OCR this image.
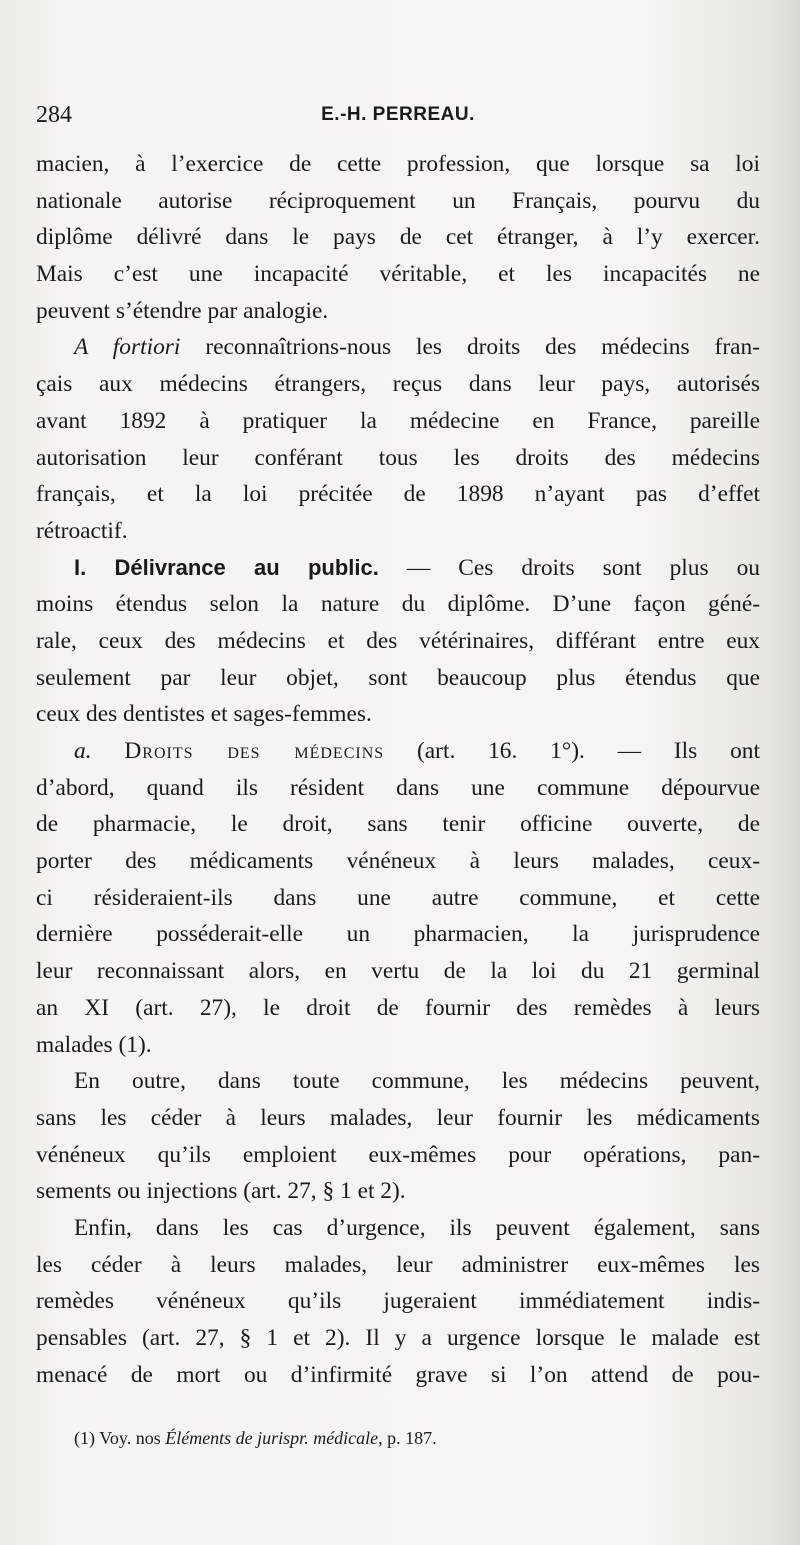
284	E.-H. PERREAU.
macien, à l’exercice de cette profession, que lorsque sa loi
nationale autorise réciproquement un Français, pourvu du
diplôme délivré dans le pays de cet étranger, à l’y exercer.
Mais c’est une incapacité véritable, et les incapacités ne
peuvent s’étendre par analogie.
A fortiori reconnaîtrions-nous les droits des médecins fran-
çais aux médecins étrangers, reçus dans leur pays, autorisés
avant 1892 à pratiquer la médecine en France, pareille
autorisation leur conférant tous les droits des médecins
français, et la loi précitée de 1898 n’ayant pas d’effet
rétroactif.
I. Délivrance au public. — Ces droits sont plus ou
moins étendus selon la nature du diplôme. D’une façon géné-
rale, ceux des médecins et des vétérinaires, différant entre eux
seulement par leur objet, sont beaucoup plus étendus que
ceux des dentistes et sages-femmes.
a. Droits des médecins (art. 16. 1°). — Ils ont
d’abord, quand ils résident dans une commune dépourvue
de pharmacie, le droit, sans tenir officine ouverte, de
porter des médicaments vénéneux à leurs malades, ceux-
ci résideraient-ils dans une autre commune, et cette
dernière posséderait-elle un pharmacien, la jurisprudence
leur reconnaissant alors, en vertu de la loi du 21 germinal
an XI (art. 27), le droit de fournir des remèdes à leurs
malades (1).
En outre, dans toute commune, les médecins peuvent,
sans les céder à leurs malades, leur fournir les médicaments
vénéneux qu’ils emploient eux-mêmes pour opérations, pan-
sements ou injections (art. 27, § 1 et 2).
Enfin, dans les cas d’urgence, ils peuvent également, sans
les céder à leurs malades, leur administrer eux-mêmes les
remèdes vénéneux qu’ils jugeraient immédiatement indis-
pensables (art. 27, § 1 et 2). Il y a urgence lorsque le malade est
menacé de mort ou d’infirmité grave si l’on attend de pou-
(1) Voy. nos Éléments de jurispr. médicale, p. 187.
